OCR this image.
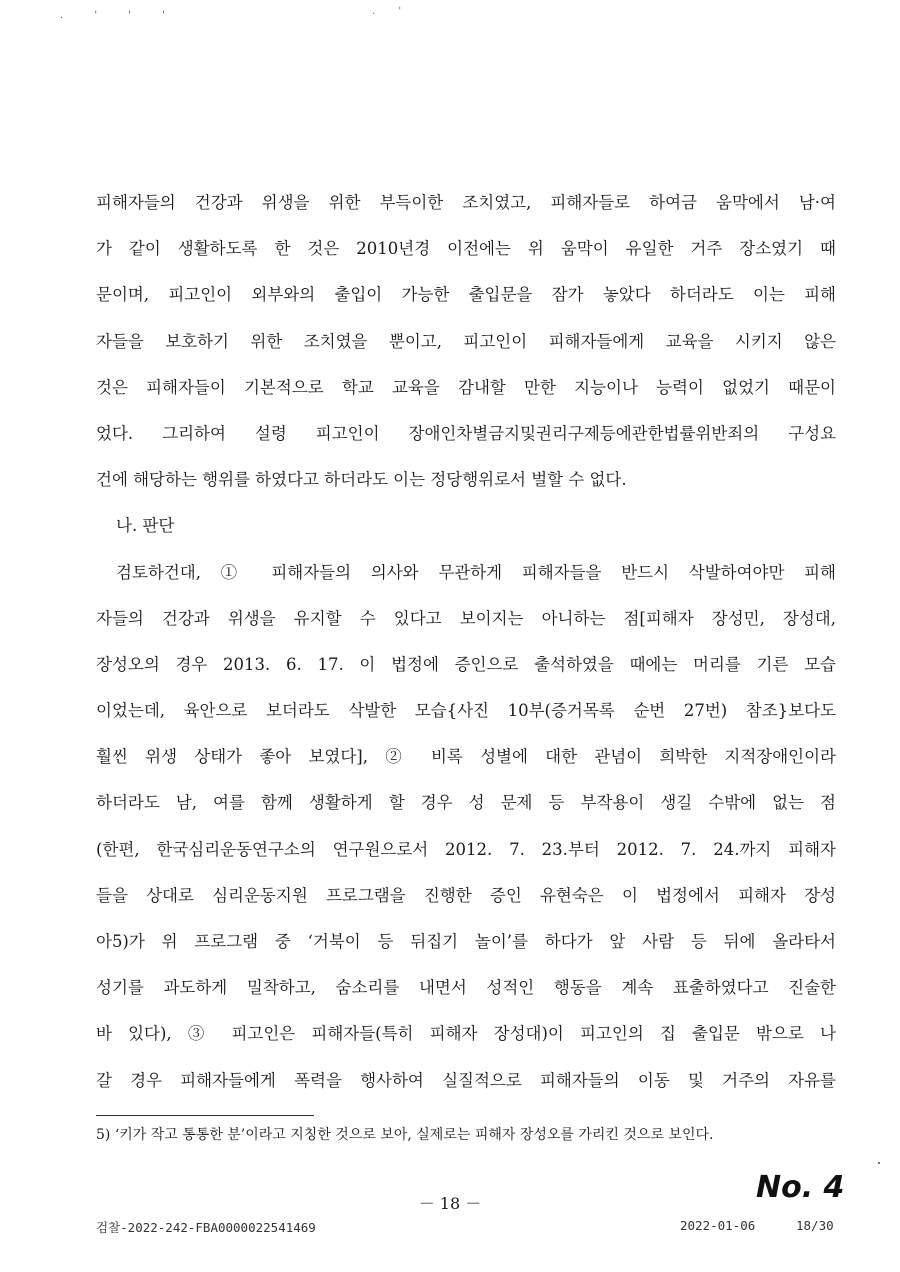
. ' ' '	. '
피해자들의 건강과 위생을 위한 부득이한 조치였고, 피해자들로 하여금 움막에서 남·여
가 같이 생활하도록 한 것은 2010년경 이전에는 위 움막이 유일한 거주 장소였기 때
문이며, 피고인이 외부와의 출입이 가능한 출입문을 잠가 놓았다 하더라도 이는 피해
자들을 보호하기 위한 조치였을 뿐이고, 피고인이 피해자들에게 교육을 시키지 않은
것은 피해자들이 기본적으로 학교 교육을 감내할 만한 지능이나 능력이 없었기 때문이
었다. 그리하여 설령 피고인이 장애인차별금지및권리구제등에관한법률위반죄의 구성요
건에 해당하는 행위를 하였다고 하더라도 이는 정당행위로서 벌할 수 없다.
나. 판단
검토하건대, ① 피해자들의 의사와 무관하게 피해자들을 반드시 삭발하여야만 피해
자들의 건강과 위생을 유지할 수 있다고 보이지는 아니하는 점[피해자 장성민, 장성대,
장성오의 경우 2013. 6. 17. 이 법정에 증인으로 출석하였을 때에는 머리를 기른 모습
이었는데, 육안으로 보더라도 삭발한 모습{사진 10부(증거목록 순번 27번) 참조}보다도
훨씬 위생 상태가 좋아 보였다], ② 비록 성별에 대한 관념이 희박한 지적장애인이라
하더라도 남, 여를 함께 생활하게 할 경우 성 문제 등 부작용이 생길 수밖에 없는 점
(한편, 한국심리운동연구소의 연구원으로서 2012. 7. 23.부터 2012. 7. 24.까지 피해자
들을 상대로 심리운동지원 프로그램을 진행한 증인 유현숙은 이 법정에서 피해자 장성
아5)가 위 프로그램 중 ‘거북이 등 뒤집기 놀이’를 하다가 앞 사람 등 뒤에 올라타서
성기를 과도하게 밀착하고, 숨소리를 내면서 성적인 행동을 계속 표출하였다고 진술한
바 있다), ③ 피고인은 피해자들(특히 피해자 장성대)이 피고인의 집 출입문 밖으로 나
갈 경우 피해자들에게 폭력을 행사하여 실질적으로 피해자들의 이동 및 거주의 자유를
5) ‘키가 작고 통통한 분’이라고 지칭한 것으로 보아, 실제로는 피해자 장성오를 가리킨 것으로 보인다.
－ 18 －	No. 4
검찰-2022-242-FBA0000022541469	2022-01-06	18/30
